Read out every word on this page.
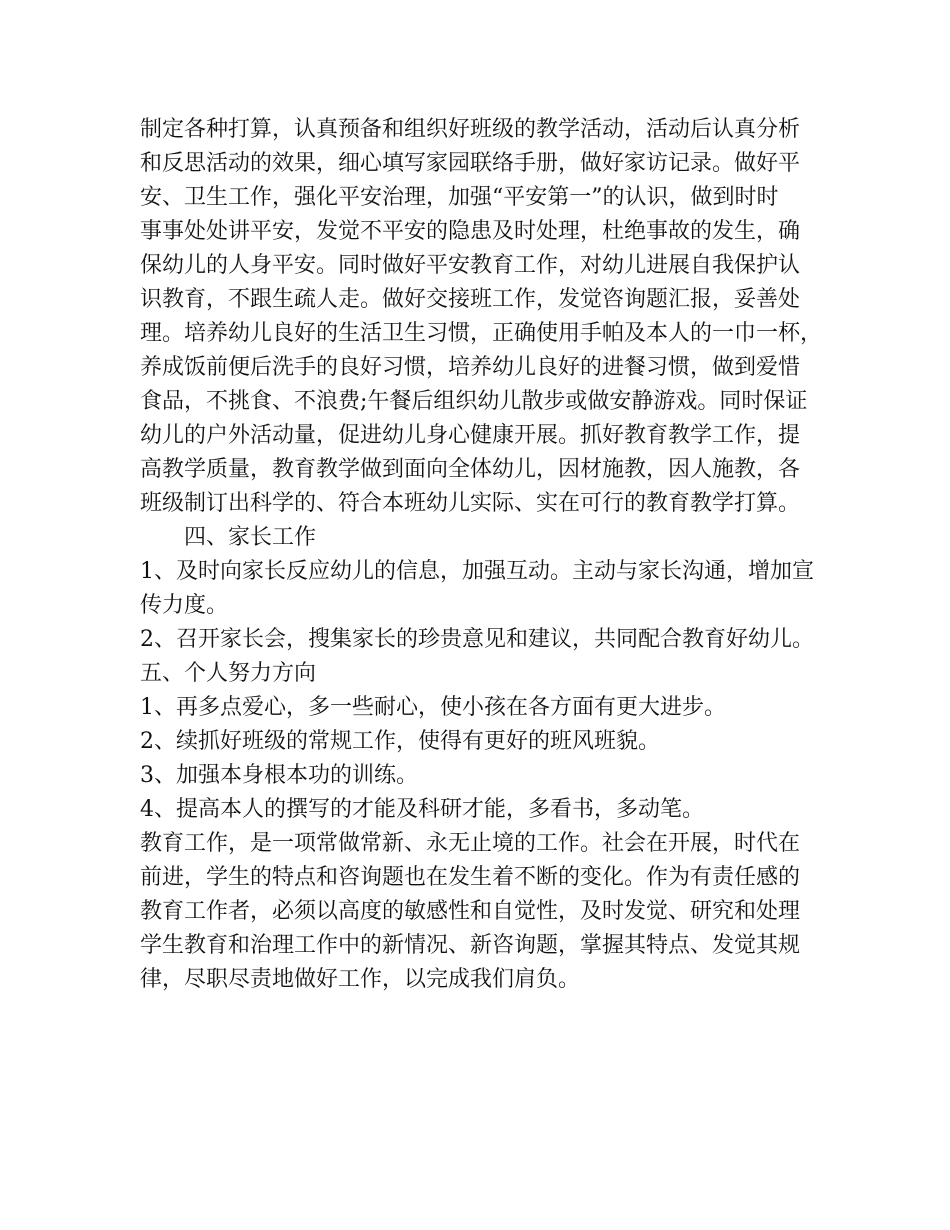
制定各种打算，认真预备和组织好班级的教学活动，活动后认真分析

和反思活动的效果，细心填写家园联络手册，做好家访记录。做好平

安、卫生工作，强化平安治理，加强“平安第一”的认识，做到时时

事事处处讲平安，发觉不平安的隐患及时处理，杜绝事故的发生，确

保幼儿的人身平安。同时做好平安教育工作，对幼儿进展自我保护认

识教育，不跟生疏人走。做好交接班工作，发觉咨询题汇报，妥善处

理。培养幼儿良好的生活卫生习惯，正确使用手帕及本人的一巾一杯，

养成饭前便后洗手的良好习惯，培养幼儿良好的进餐习惯，做到爱惜

食品，不挑食、不浪费;午餐后组织幼儿散步或做安静游戏。同时保证

幼儿的户外活动量，促进幼儿身心健康开展。抓好教育教学工作，提

高教学质量，教育教学做到面向全体幼儿，因材施教，因人施教，各

班级制订出科学的、符合本班幼儿实际、实在可行的教育教学打算。

四、家长工作

1、及时向家长反应幼儿的信息，加强互动。主动与家长沟通，增加宣

传力度。

2、召开家长会，搜集家长的珍贵意见和建议，共同配合教育好幼儿。

五、个人努力方向

1、再多点爱心，多一些耐心，使小孩在各方面有更大进步。

2、续抓好班级的常规工作，使得有更好的班风班貌。

3、加强本身根本功的训练。

4、提高本人的撰写的才能及科研才能，多看书，多动笔。

教育工作，是一项常做常新、永无止境的工作。社会在开展，时代在

前进，学生的特点和咨询题也在发生着不断的变化。作为有责任感的

教育工作者，必须以高度的敏感性和自觉性，及时发觉、研究和处理

学生教育和治理工作中的新情况、新咨询题，掌握其特点、发觉其规

律，尽职尽责地做好工作，以完成我们肩负。
